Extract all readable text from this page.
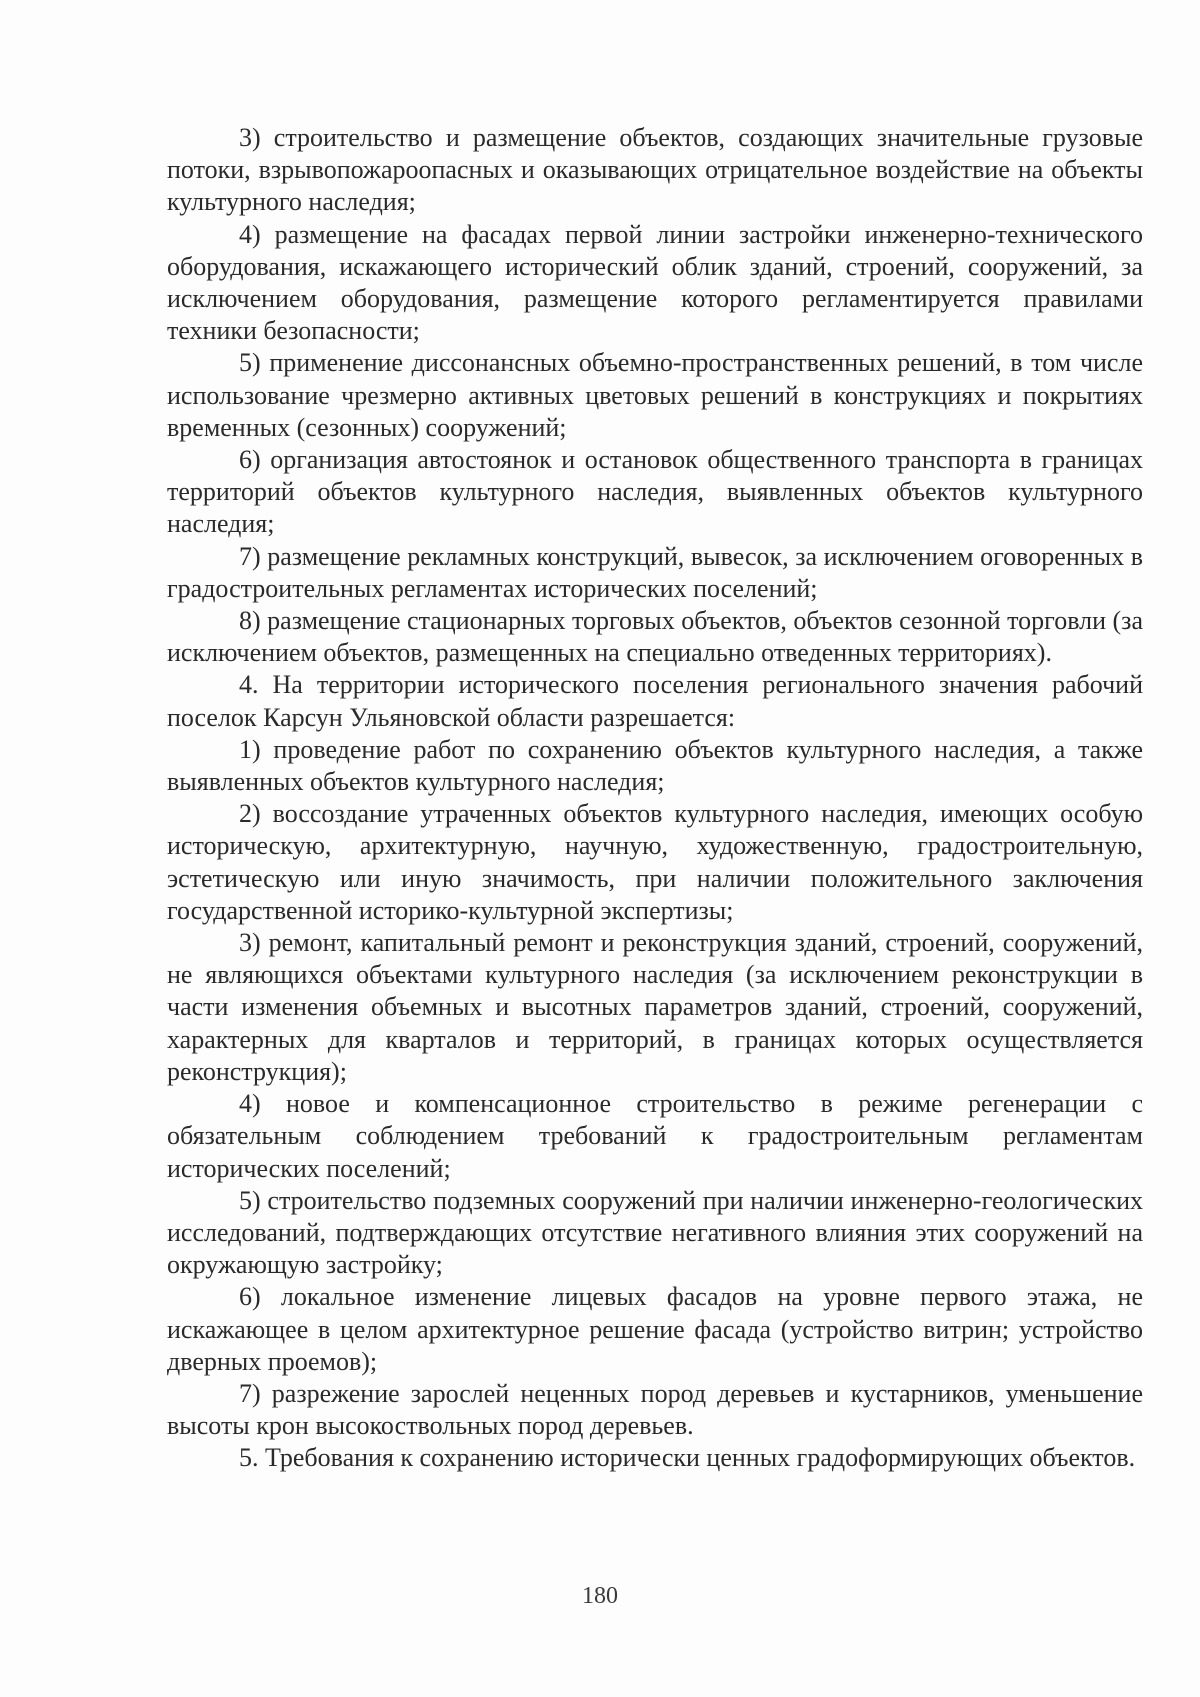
3) строительство и размещение объектов, создающих значительные грузовые потоки, взрывопожароопасных и оказывающих отрицательное воздействие на объекты культурного наследия;

4) размещение на фасадах первой линии застройки инженерно-технического оборудования, искажающего исторический облик зданий, строений, сооружений, за исключением оборудования, размещение которого регламентируется правилами техники безопасности;

5) применение диссонансных объемно-пространственных решений, в том числе использование чрезмерно активных цветовых решений в конструкциях и покрытиях временных (сезонных) сооружений;

6) организация автостоянок и остановок общественного транспорта в границах территорий объектов культурного наследия, выявленных объектов культурного наследия;

7) размещение рекламных конструкций, вывесок, за исключением оговоренных в градостроительных регламентах исторических поселений;

8) размещение стационарных торговых объектов, объектов сезонной торговли (за исключением объектов, размещенных на специально отведенных территориях).

4. На территории исторического поселения регионального значения рабочий поселок Карсун Ульяновской области разрешается:

1) проведение работ по сохранению объектов культурного наследия, а также выявленных объектов культурного наследия;

2) воссоздание утраченных объектов культурного наследия, имеющих особую историческую, архитектурную, научную, художественную, градостроительную, эстетическую или иную значимость, при наличии положительного заключения государственной историко-культурной экспертизы;

3) ремонт, капитальный ремонт и реконструкция зданий, строений, сооружений, не являющихся объектами культурного наследия (за исключением реконструкции в части изменения объемных и высотных параметров зданий, строений, сооружений, характерных для кварталов и территорий, в границах которых осуществляется реконструкция);

4) новое и компенсационное строительство в режиме регенерации с обязательным соблюдением требований к градостроительным регламентам исторических поселений;

5) строительство подземных сооружений при наличии инженерно-геологических исследований, подтверждающих отсутствие негативного влияния этих сооружений на окружающую застройку;

6) локальное изменение лицевых фасадов на уровне первого этажа, не искажающее в целом архитектурное решение фасада (устройство витрин; устройство дверных проемов);

7) разрежение зарослей неценных пород деревьев и кустарников, уменьшение высоты крон высокоствольных пород деревьев.

5. Требования к сохранению исторически ценных градоформирующих объектов.

180
